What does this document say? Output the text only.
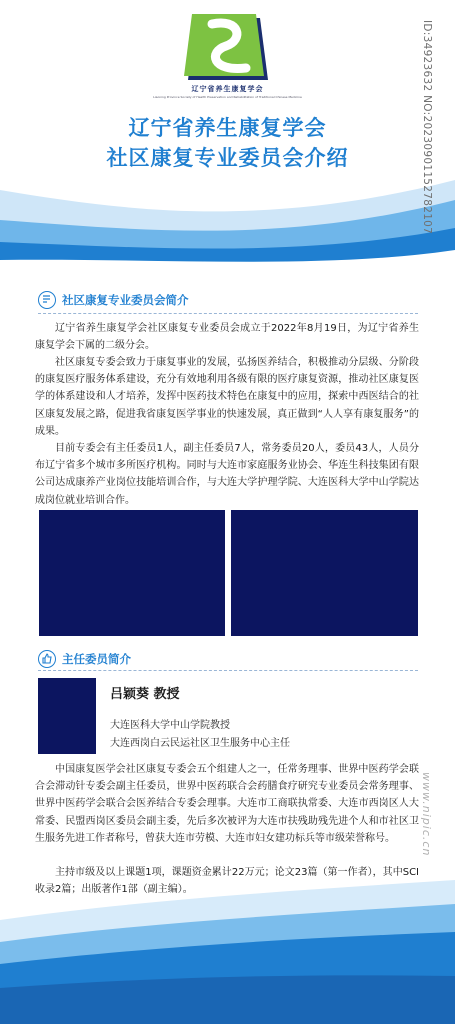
辽宁省养生康复学会
Liaoning Province Society of Health Preservation and Rehabilitation of Traditional Chinese Medicine
辽宁省养生康复学会
社区康复专业委员会介绍	ID:34923632 NO:20230901152782107
www.nipic.cn
社区康复专业委员会简介

辽宁省养生康复学会社区康复专业委员会成立于2022年8月19日，为辽宁省养生康复学会下属的二级分会。

社区康复专委会致力于康复事业的发展，弘扬医养结合，积极推动分层级、分阶段的康复医疗服务体系建设，充分有效地利用各级有限的医疗康复资源，推动社区康复医学的体系建设和人才培养，发挥中医药技术特色在康复中的应用，探索中西医结合的社区康复发展之路，促进我省康复医学事业的快速发展，真正做到“人人享有康复服务”的成果。

目前专委会有主任委员1人，副主任委员7人，常务委员20人，委员43人，人员分布辽宁省多个城市多所医疗机构。同时与大连市家庭服务业协会、华连生科技集团有限公司达成康养产业岗位技能培训合作，与大连大学护理学院、大连医科大学中山学院达成岗位就业培训合作。

主任委员简介
吕颖葵 教授
大连医科大学中山学院教授
大连西岗白云民运社区卫生服务中心主任

中国康复医学会社区康复专委会五个组建人之一，任常务理事、世界中医药学会联合会滞动针专委会副主任委员，世界中医药联合会药膳食疗研究专业委员会常务理事、世界中医药学会联合会医养结合专委会理事。大连市工商联执常委、大连市西岗区人大常委、民盟西岗区委员会副主委，先后多次被评为大连市扶残助残先进个人和市社区卫生服务先进工作者称号，曾获大连市劳模、大连市妇女建功标兵等市级荣誉称号。

主持市级及以上课题1项，课题资金累计22万元；论文23篇（第一作者），其中SCI收录2篇；出版著作1部（副主编）。
